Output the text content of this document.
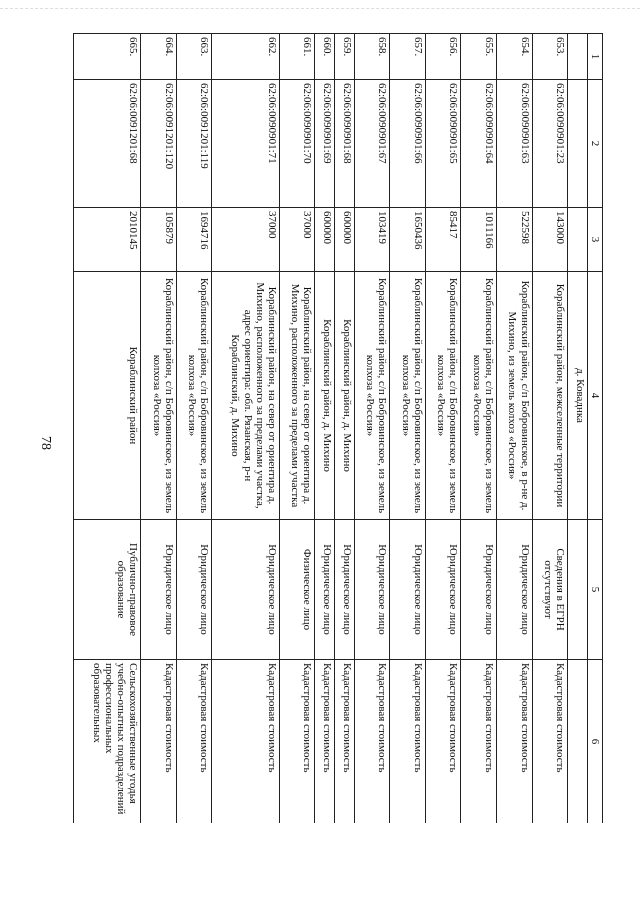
78
1	2	3	4	5	6
			д. Коваднка		
653.	62:06:0090901:23	143000	Кораблинский район, межселенные территории	Сведения в ЕГРН отсутствуют	Кадастровая стоимость
654.	62:06:0090901:63	522598	Кораблинский район, с/п Бобровинское, в р-не д. Михино, из земель колхоз «Россия»	Юридическое лицо	Кадастровая стоимость
655.	62:06:0090901:64	1011166	Кораблинский район, с/п Бобровинское, из земель колхоза «Россия»	Юридическое лицо	Кадастровая стоимость
656.	62:06:0090901:65	85417	Кораблинский район, с/п Бобровинское, из земель колхоза «Россия»	Юридическое лицо	Кадастровая стоимость
657.	62:06:0090901:66	1650436	Кораблинский район, с/п Бобровинское, из земель колхоза «Россия»	Юридическое лицо	Кадастровая стоимость
658.	62:06:0090901:67	103419	Кораблинский район, с/п Бобровинское, из земель колхоза «Россия»	Юридическое лицо	Кадастровая стоимость
659.	62:06:0090901:68	600000	Кораблинский район, д. Михино	Юридическое лицо	Кадастровая стоимость
660.	62:06:0090901:69	600000	Кораблинский район, д. Михино	Юридическое лицо	Кадастровая стоимость
661.	62:06:0090901:70	37000	Кораблинский район, на север от ориентира д. Михино, расположенного за пределами участка	Физическое лицо	Кадастровая стоимость
662.	62:06:0090901:71	37000	Кораблинский район, на север от ориентира д. Михино, расположенного за пределами участка, адрес ориентира: обл. Рязанская, р-н Кораблинский, д. Михино	Юридическое лицо	Кадастровая стоимость
663.	62:06:0091201:119	1694716	Кораблинский район, с/п Бобровинское, из земель колхоза «Россия»	Юридическое лицо	Кадастровая стоимость
664.	62:06:0091201:120	105879	Кораблинский район, с/п Бобровинское, из земель колхоза «Россия»	Юридическое лицо	Кадастровая стоимость
665.	62:06:0091201:68	2010145	Кораблинский район	Публично-правовое образование	Сельскохозяйственные угодья учебно-опытных подразделений профессиональных образовательных
